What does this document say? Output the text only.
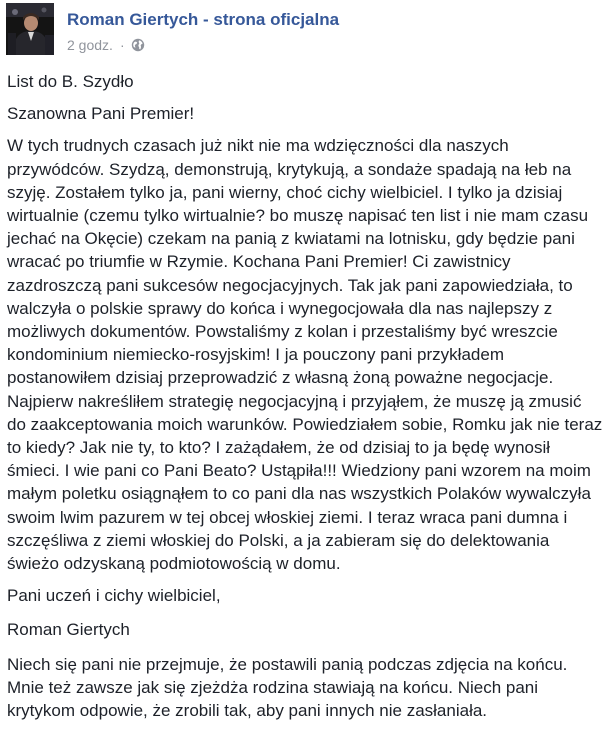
Roman Giertych - strona oficjalna
2 godz. ·

List do B. Szydło

Szanowna Pani Premier!

W tych trudnych czasach już nikt nie ma wdzięczności dla naszych przywódców. Szydzą, demonstrują, krytykują, a sondaże spadają na łeb na szyję. Zostałem tylko ja, pani wierny, choć cichy wielbiciel. I tylko ja dzisiaj wirtualnie (czemu tylko wirtualnie? bo muszę napisać ten list i nie mam czasu jechać na Okęcie) czekam na panią z kwiatami na lotnisku, gdy będzie pani wracać po triumfie w Rzymie. Kochana Pani Premier! Ci zawistnicy zazdroszczą pani sukcesów negocjacyjnych. Tak jak pani zapowiedziała, to walczyła o polskie sprawy do końca i wynegocjowała dla nas najlepszy z możliwych dokumentów. Powstaliśmy z kolan i przestaliśmy być wreszcie kondominium niemiecko-rosyjskim! I ja pouczony pani przykładem postanowiłem dzisiaj przeprowadzić z własną żoną poważne negocjacje. Najpierw nakreśliłem strategię negocjacyjną i przyjąłem, że muszę ją zmusić do zaakceptowania moich warunków. Powiedziałem sobie, Romku jak nie teraz to kiedy? Jak nie ty, to kto? I zażądałem, że od dzisiaj to ja będę wynosił śmieci. I wie pani co Pani Beato? Ustąpiła!!! Wiedziony pani wzorem na moim małym poletku osiągnąłem to co pani dla nas wszystkich Polaków wywalczyła swoim lwim pazurem w tej obcej włoskiej ziemi. I teraz wraca pani dumna i szczęśliwa z ziemi włoskiej do Polski, a ja zabieram się do delektowania świeżo odzyskaną podmiotowością w domu.

Pani uczeń i cichy wielbiciel,

Roman Giertych

Niech się pani nie przejmuje, że postawili panią podczas zdjęcia na końcu. Mnie też zawsze jak się zjeżdża rodzina stawiają na końcu. Niech pani krytykom odpowie, że zrobili tak, aby pani innych nie zasłaniała.
